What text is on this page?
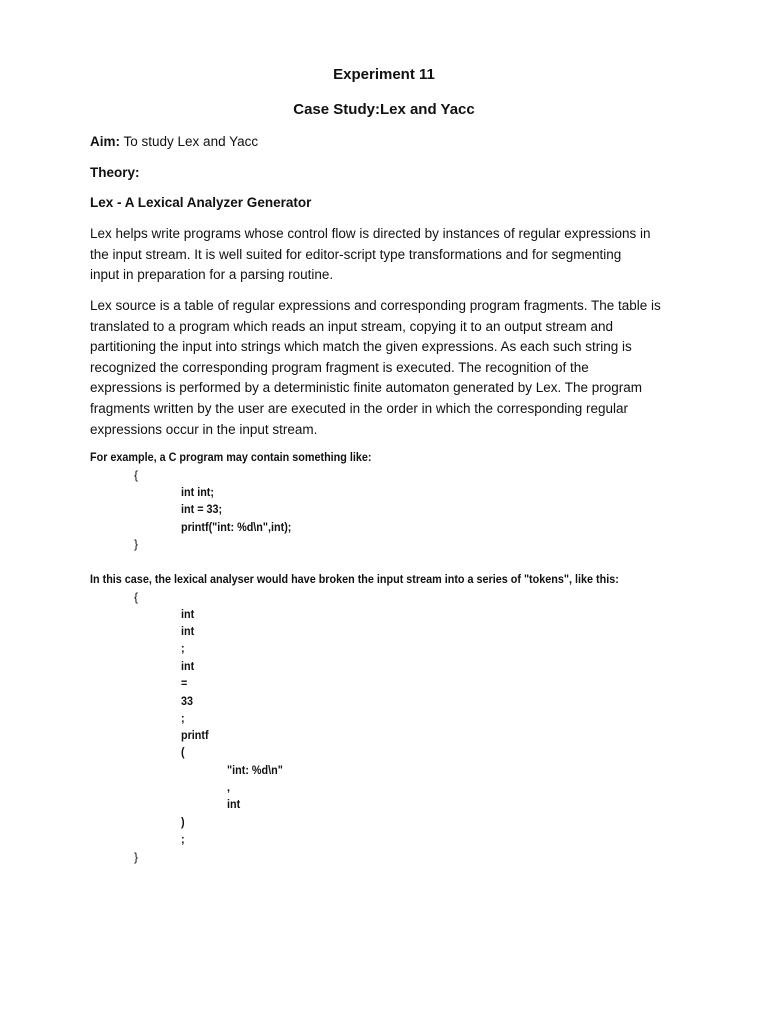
Experiment 11
Case Study:Lex and Yacc
Aim: To study Lex and Yacc
Theory:
Lex - A Lexical Analyzer Generator
Lex helps write programs whose control flow is directed by instances of regular expressions in
the input stream. It is well suited for editor-script type transformations and for segmenting
input in preparation for a parsing routine.
Lex source is a table of regular expressions and corresponding program fragments. The table is
translated to a program which reads an input stream, copying it to an output stream and
partitioning the input into strings which match the given expressions. As each such string is
recognized the corresponding program fragment is executed. The recognition of the
expressions is performed by a deterministic finite automaton generated by Lex. The program
fragments written by the user are executed in the order in which the corresponding regular
expressions occur in the input stream.
For example, a C program may contain something like:
{
int int;
int = 33;
printf("int: %d\n",int);
}
In this case, the lexical analyser would have broken the input stream into a series of "tokens", like this:
{
int
int
;
int
=
33
;
printf
(
"int: %d\n"
,
int
)
;
}
